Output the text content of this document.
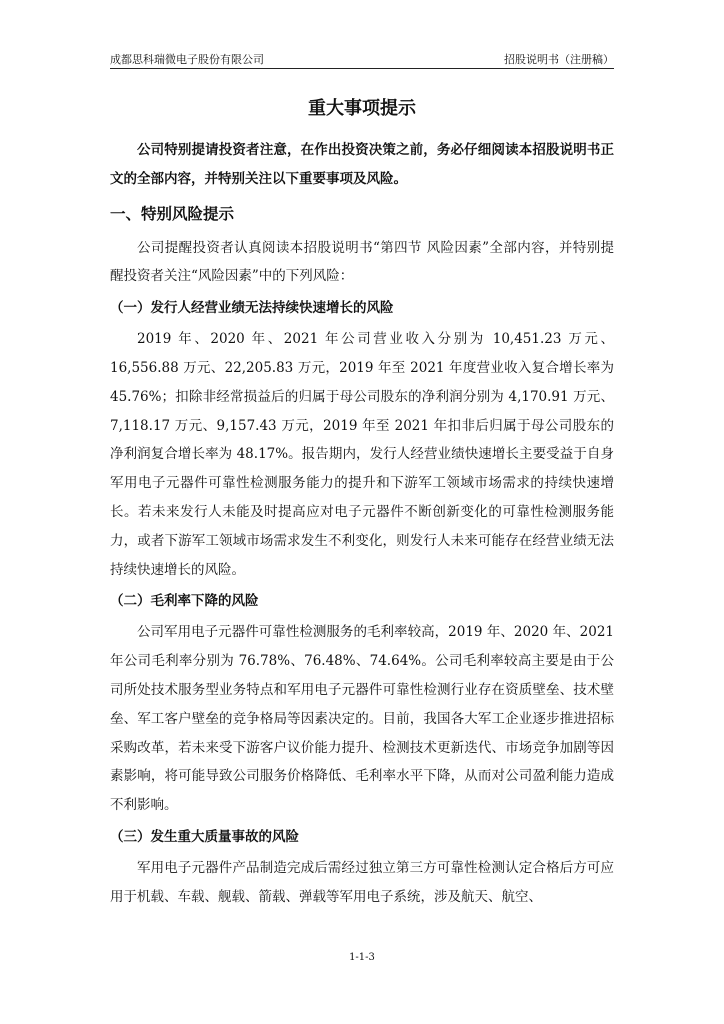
成都思科瑞微电子股份有限公司	招股说明书（注册稿）
重大事项提示

公司特别提请投资者注意，在作出投资决策之前，务必仔细阅读本招股说明书正文的全部内容，并特别关注以下重要事项及风险。

一、特别风险提示

公司提醒投资者认真阅读本招股说明书“第四节 风险因素”全部内容，并特别提醒投资者关注“风险因素”中的下列风险：

（一）发行人经营业绩无法持续快速增长的风险

2019 年、2020 年、2021 年公司营业收入分别为 10,451.23 万元、16,556.88 万元、22,205.83 万元，2019 年至 2021 年度营业收入复合增长率为 45.76%；扣除非经常损益后的归属于母公司股东的净利润分别为 4,170.91 万元、7,118.17 万元、9,157.43 万元，2019 年至 2021 年扣非后归属于母公司股东的净利润复合增长率为 48.17%。报告期内，发行人经营业绩快速增长主要受益于自身军用电子元器件可靠性检测服务能力的提升和下游军工领域市场需求的持续快速增长。若未来发行人未能及时提高应对电子元器件不断创新变化的可靠性检测服务能力，或者下游军工领域市场需求发生不利变化，则发行人未来可能存在经营业绩无法持续快速增长的风险。

（二）毛利率下降的风险

公司军用电子元器件可靠性检测服务的毛利率较高，2019 年、2020 年、2021 年公司毛利率分别为 76.78%、76.48%、74.64%。公司毛利率较高主要是由于公司所处技术服务型业务特点和军用电子元器件可靠性检测行业存在资质壁垒、技术壁垒、军工客户壁垒的竞争格局等因素决定的。目前，我国各大军工企业逐步推进招标采购改革，若未来受下游客户议价能力提升、检测技术更新迭代、市场竞争加剧等因素影响，将可能导致公司服务价格降低、毛利率水平下降，从而对公司盈利能力造成不利影响。

（三）发生重大质量事故的风险

军用电子元器件产品制造完成后需经过独立第三方可靠性检测认定合格后方可应用于机载、车载、舰载、箭载、弹载等军用电子系统，涉及航天、航空、

1-1-3
